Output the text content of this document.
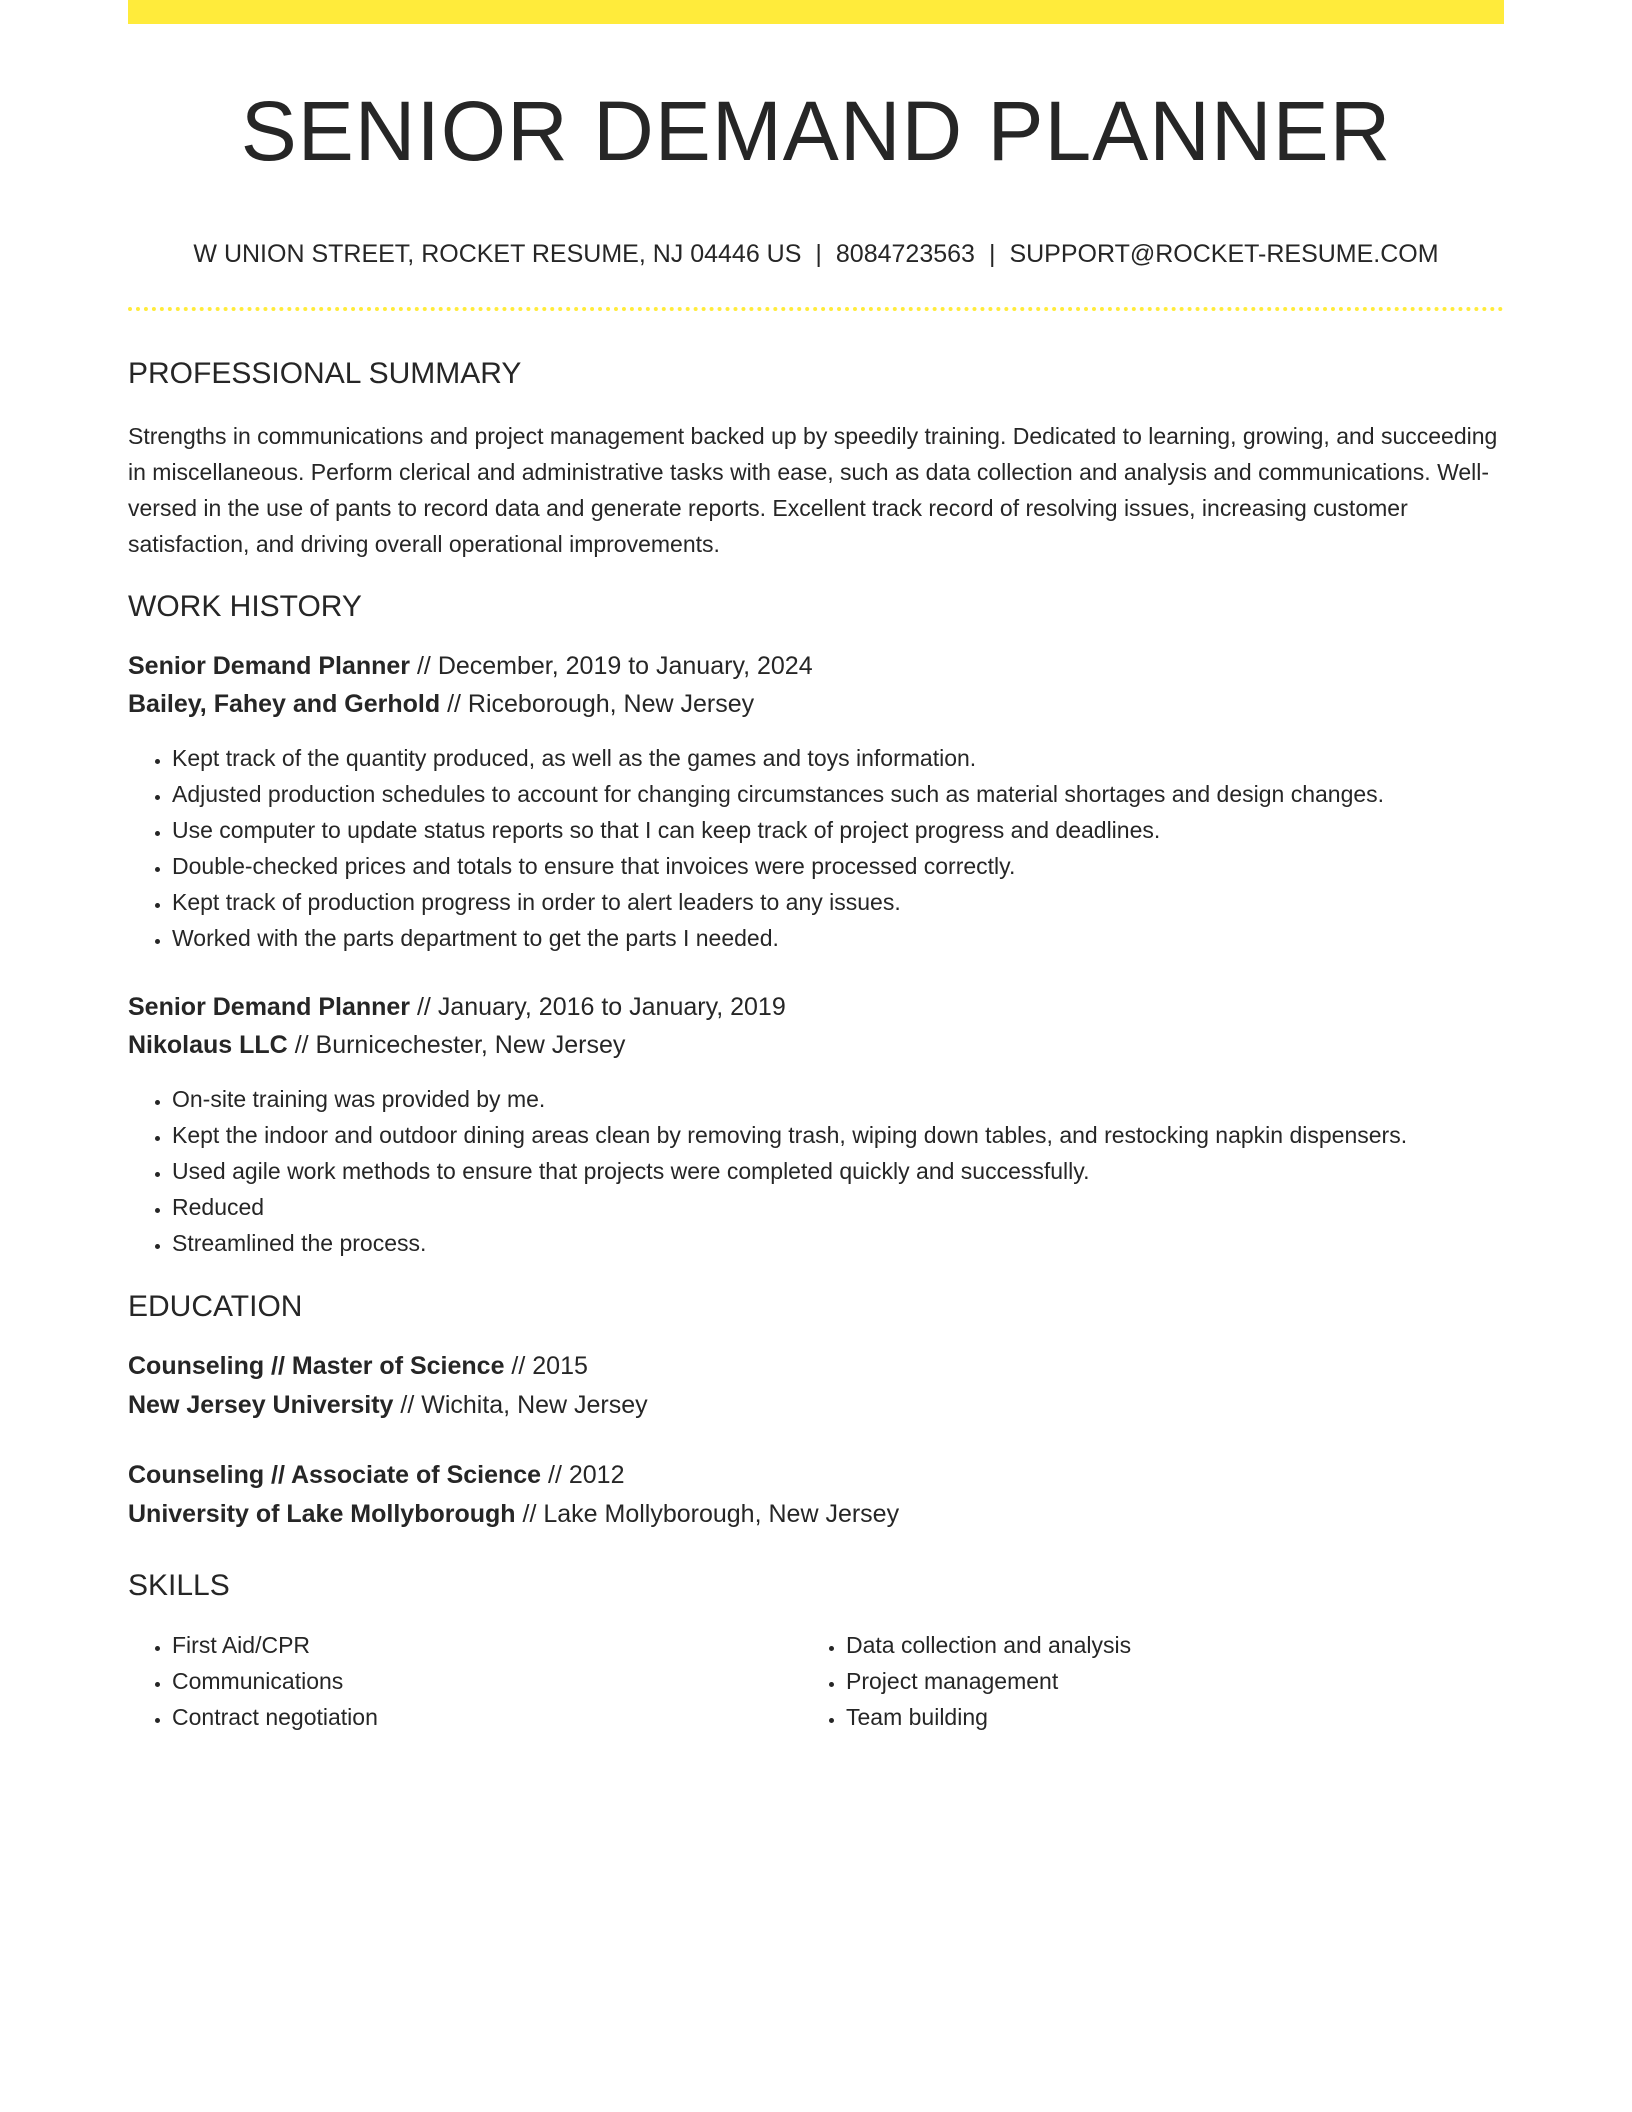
SENIOR DEMAND PLANNER
W UNION STREET, ROCKET RESUME, NJ 04446 US | 8084723563 | SUPPORT@ROCKET-RESUME.COM
PROFESSIONAL SUMMARY
Strengths in communications and project management backed up by speedily training. Dedicated to learning, growing, and succeeding in miscellaneous. Perform clerical and administrative tasks with ease, such as data collection and analysis and communications. Well-versed in the use of pants to record data and generate reports. Excellent track record of resolving issues, increasing customer satisfaction, and driving overall operational improvements.
WORK HISTORY
Senior Demand Planner // December, 2019 to January, 2024
Bailey, Fahey and Gerhold // Riceborough, New Jersey
• Kept track of the quantity produced, as well as the games and toys information.
• Adjusted production schedules to account for changing circumstances such as material shortages and design changes.
• Use computer to update status reports so that I can keep track of project progress and deadlines.
• Double-checked prices and totals to ensure that invoices were processed correctly.
• Kept track of production progress in order to alert leaders to any issues.
• Worked with the parts department to get the parts I needed.
Senior Demand Planner // January, 2016 to January, 2019
Nikolaus LLC // Burnicechester, New Jersey
• On-site training was provided by me.
• Kept the indoor and outdoor dining areas clean by removing trash, wiping down tables, and restocking napkin dispensers.
• Used agile work methods to ensure that projects were completed quickly and successfully.
• Reduced
• Streamlined the process.
EDUCATION
Counseling // Master of Science // 2015
New Jersey University // Wichita, New Jersey
Counseling // Associate of Science // 2012
University of Lake Mollyborough // Lake Mollyborough, New Jersey
SKILLS
• First Aid/CPR
• Communications
• Contract negotiation
• Data collection and analysis
• Project management
• Team building
